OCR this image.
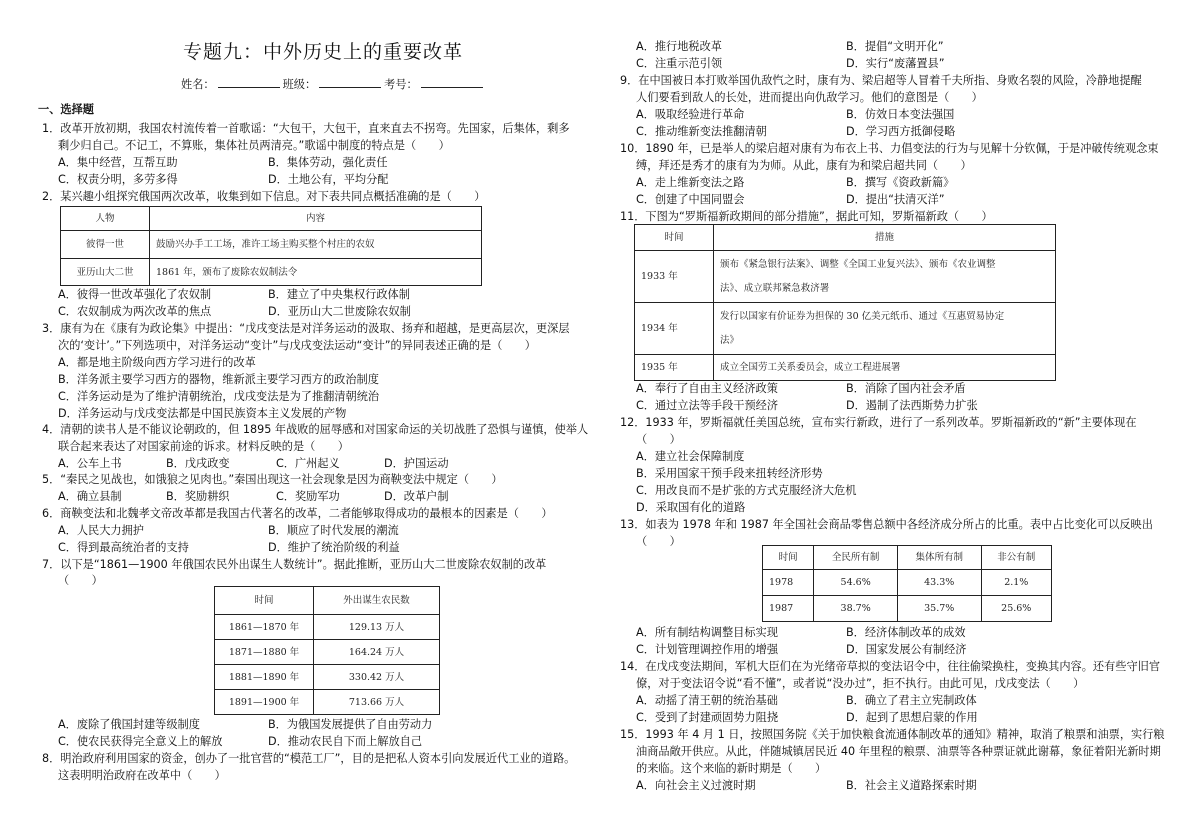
专题九：中外历史上的重要改革
姓名：	班级：	考号：
一、选择题
1．改革开放初期，我国农村流传着一首歌谣：“大包干，大包干，直来直去不拐弯。先国家，后集体，剩多
剩少归自己。不记工，不算账，集体社员两清亮。”歌谣中制度的特点是（　　）
A．集中经营，互帮互助	B．集体劳动，强化责任
C．权责分明，多劳多得	D．土地公有，平均分配
2．某兴趣小组探究俄国两次改革，收集到如下信息。对下表共同点概括准确的是（　　）
人物	内容
彼得一世	鼓励兴办手工工场，准许工场主购买整个村庄的农奴
亚历山大二世	1861 年，颁布了废除农奴制法令
A．彼得一世改革强化了农奴制	B．建立了中央集权行政体制
C．农奴制成为两次改革的焦点	D．亚历山大二世废除农奴制
3．康有为在《康有为政论集》中提出：“戊戌变法是对洋务运动的汲取、扬弃和超越，是更高层次，更深层
次的‘变计’。”下列选项中，对洋务运动“变计”与戊戌变法运动“变计”的异同表述正确的是（　　）
A．都是地主阶级向西方学习进行的改革
B．洋务派主要学习西方的器物，维新派主要学习西方的政治制度
C．洋务运动是为了维护清朝统治，戊戌变法是为了推翻清朝统治
D．洋务运动与戊戌变法都是中国民族资本主义发展的产物
4．清朝的读书人是不能议论朝政的，但 1895 年战败的屈辱感和对国家命运的关切战胜了恐惧与谨慎，使举人
联合起来表达了对国家前途的诉求。材料反映的是（　　）
A．公车上书	B．戊戌政变	C．广州起义	D．护国运动
5．“秦民之见战也，如饿狼之见肉也。”秦国出现这一社会现象是因为商鞅变法中规定（　　）
A．确立县制	B．奖励耕织	C．奖励军功	D．改革户制
6．商鞅变法和北魏孝文帝改革都是我国古代著名的改革，二者能够取得成功的最根本的因素是（　　）
A．人民大力拥护	B．顺应了时代发展的潮流
C．得到最高统治者的支持	D．维护了统治阶级的利益
7．以下是“1861—1900 年俄国农民外出谋生人数统计”。据此推断，亚历山大二世废除农奴制的改革
（　　）
时间	外出谋生农民数
1861—1870 年	129.13 万人
1871—1880 年	164.24 万人
1881—1890 年	330.42 万人
1891—1900 年	713.66 万人
A．废除了俄国封建等级制度	B．为俄国发展提供了自由劳动力
C．使农民获得完全意义上的解放	D．推动农民自下而上解放自己
8．明治政府利用国家的资金，创办了一批官营的“模范工厂”，目的是把私人资本引向发展近代工业的道路。
这表明明治政府在改革中（　　）
A．推行地税改革	B．提倡“文明开化”
C．注重示范引领	D．实行“废藩置县”
9．在中国被日本打败举国仇敌忾之时，康有为、梁启超等人冒着千夫所指、身败名裂的风险，冷静地提醒
人们要看到敌人的长处，进而提出向仇敌学习。他们的意图是（　　）
A．吸取经验进行革命	B．仿效日本变法强国
C．推动维新变法推翻清朝	D．学习西方抵御侵略
10．1890 年，已是举人的梁启超对康有为布衣上书、力倡变法的行为与见解十分钦佩，于是冲破传统观念束
缚，拜还是秀才的康有为为师。从此，康有为和梁启超共同（　　）
A．走上维新变法之路	B．撰写《资政新篇》
C．创建了中国同盟会	D．提出“扶清灭洋”
11．下图为“罗斯福新政期间的部分措施”，据此可知，罗斯福新政（　　）
时间	措施
1933 年	颁布《紧急银行法案》、调整《全国工业复兴法》、颁布《农业调整
法》、成立联邦紧急救济署

1934 年	发行以国家有价证券为担保的 30 亿美元纸币、通过《互惠贸易协定
法》

1935 年	成立全国劳工关系委员会，成立工程进展署
A．奉行了自由主义经济政策	B．消除了国内社会矛盾
C．通过立法等手段干预经济	D．遏制了法西斯势力扩张
12．1933 年，罗斯福就任美国总统，宣布实行新政，进行了一系列改革。罗斯福新政的“新”主要体现在
（　　）
A．建立社会保障制度
B．采用国家干预手段来扭转经济形势
C．用改良而不是扩张的方式克服经济大危机
D．采取国有化的道路
13．如表为 1978 年和 1987 年全国社会商品零售总额中各经济成分所占的比重。表中占比变化可以反映出
（　　）
时间	全民所有制	集体所有制	非公有制
1978	54.6%	43.3%	2.1%
1987	38.7%	35.7%	25.6%
A．所有制结构调整目标实现	B．经济体制改革的成效
C．计划管理调控作用的增强	D．国家发展公有制经济
14．在戊戌变法期间，军机大臣们在为光绪帝草拟的变法诏令中，往往偷梁换柱，变换其内容。还有些守旧官
僚，对于变法诏令说“看不懂”，或者说“没办过”，拒不执行。由此可见，戊戌变法（　　）
A．动摇了清王朝的统治基础	B．确立了君主立宪制政体
C．受到了封建顽固势力阻挠	D．起到了思想启蒙的作用
15．1993 年 4 月 1 日，按照国务院《关于加快粮食流通体制改革的通知》精神，取消了粮票和油票，实行粮
油商品敞开供应。从此，伴随城镇居民近 40 年里程的粮票、油票等各种票证就此谢幕，象征着阳光新时期
的来临。这个来临的新时期是（　　）
A．向社会主义过渡时期	B．社会主义道路探索时期
